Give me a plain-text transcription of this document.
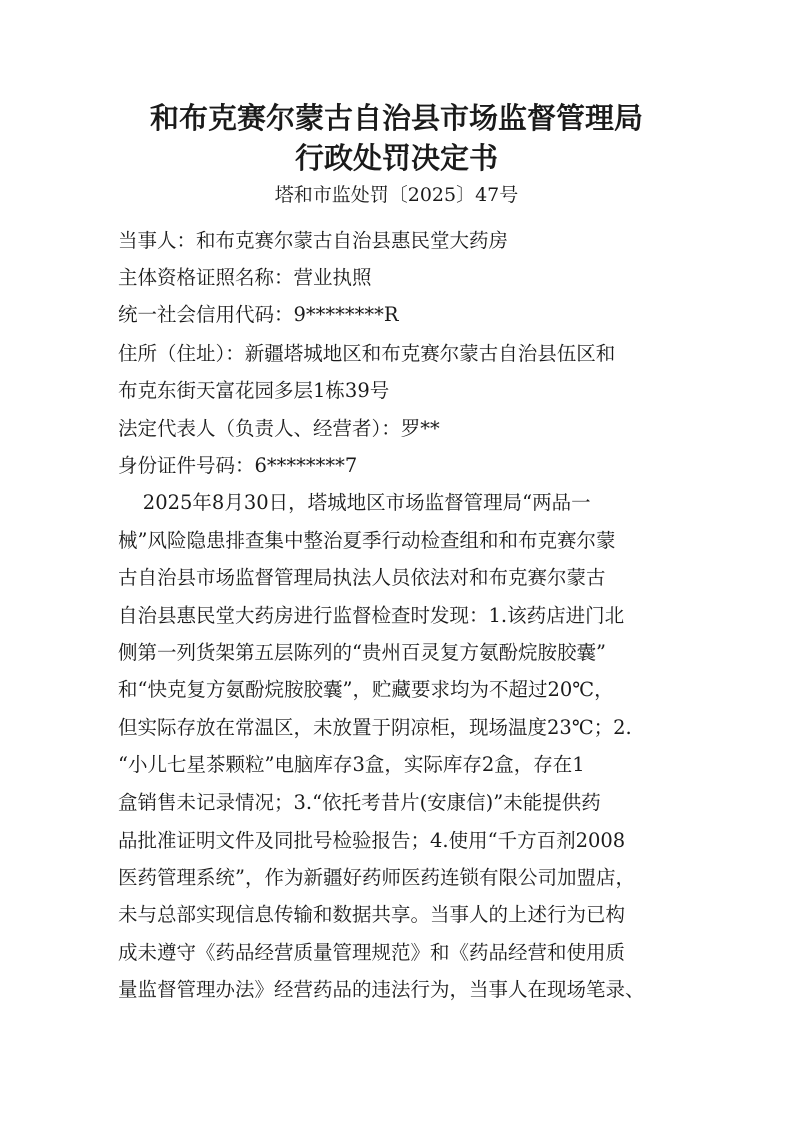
和布克赛尔蒙古自治县市场监督管理局
行政处罚决定书

塔和市监处罚〔2025〕47号

当事人：和布克赛尔蒙古自治县惠民堂大药房

主体资格证照名称：营业执照

统一社会信用代码：9********R

住所（住址）：新疆塔城地区和布克赛尔蒙古自治县伍区和

布克东街天富花园多层1栋39号

法定代表人（负责人、经营者）：罗**

身份证件号码：6********7

2025年8月30日，塔城地区市场监督管理局“两品一

械”风险隐患排查集中整治夏季行动检查组和和布克赛尔蒙

古自治县市场监督管理局执法人员依法对和布克赛尔蒙古

自治县惠民堂大药房进行监督检查时发现：1.该药店进门北

侧第一列货架第五层陈列的“贵州百灵复方氨酚烷胺胶囊”

和“快克复方氨酚烷胺胶囊”，贮藏要求均为不超过20℃，

但实际存放在常温区，未放置于阴凉柜，现场温度23℃；2.

“小儿七星茶颗粒”电脑库存3盒，实际库存2盒，存在1

盒销售未记录情况；3.“依托考昔片(安康信)”未能提供药

品批准证明文件及同批号检验报告；4.使用“千方百剂2008

医药管理系统”，作为新疆好药师医药连锁有限公司加盟店，

未与总部实现信息传输和数据共享。当事人的上述行为已构

成未遵守《药品经营质量管理规范》和《药品经营和使用质

量监督管理办法》经营药品的违法行为，当事人在现场笔录、
